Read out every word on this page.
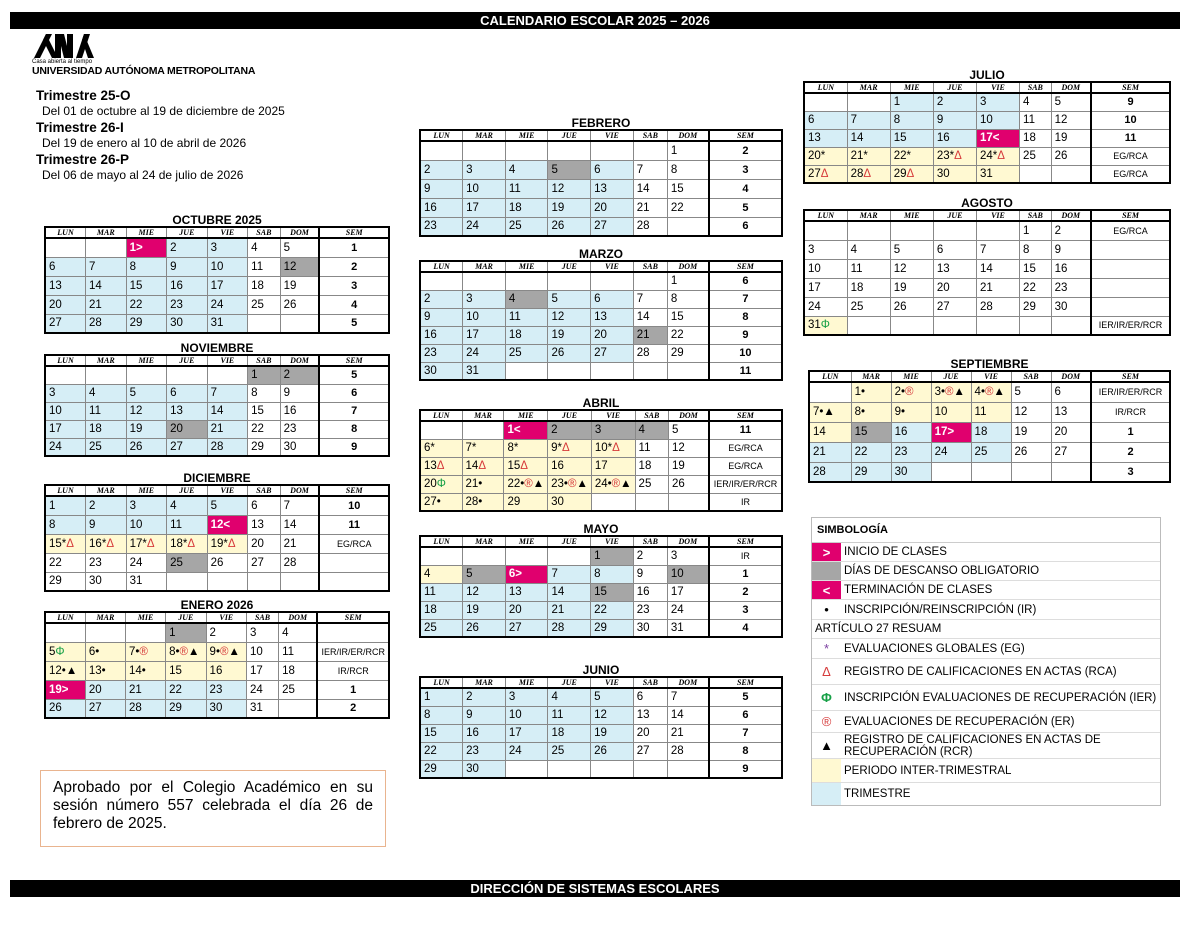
CALENDARIO ESCOLAR 2025 – 2026
Casa abierta al tiempo
UNIVERSIDAD AUTÓNOMA METROPOLITANA
Trimestre 25-O
Del 01 de octubre al 19 de diciembre de 2025
Trimestre 26-I
Del 19 de enero al 10 de abril de 2026
Trimestre 26-P
Del 06 de mayo al 24 de julio de 2026
OCTUBRE 2025
LUN	MAR	MIE	JUE	VIE	SAB	DOM	SEM
		1>	2	3	4	5	1
6	7	8	9	10	11	12	2
13	14	15	16	17	18	19	3
20	21	22	23	24	25	26	4
27	28	29	30	31			5
NOVIEMBRE
LUN	MAR	MIE	JUE	VIE	SAB	DOM	SEM
					1	2	5
3	4	5	6	7	8	9	6
10	11	12	13	14	15	16	7
17	18	19	20	21	22	23	8
24	25	26	27	28	29	30	9
DICIEMBRE
LUN	MAR	MIE	JUE	VIE	SAB	DOM	SEM
1	2	3	4	5	6	7	10
8	9	10	11	12<	13	14	11
15*Δ	16*Δ	17*Δ	18*Δ	19*Δ	20	21	EG/RCA
22	23	24	25	26	27	28	
29	30	31					
ENERO 2026
LUN	MAR	MIE	JUE	VIE	SAB	DOM	SEM
			1	2	3	4	
5Φ	6•	7•®	8•®▲	9•®▲	10	11	IER/IR/ER/RCR
12•▲	13•	14•	15	16	17	18	IR/RCR
19>	20	21	22	23	24	25	1
26	27	28	29	30	31		2
FEBRERO
LUN	MAR	MIE	JUE	VIE	SAB	DOM	SEM
						1	2
2	3	4	5	6	7	8	3
9	10	11	12	13	14	15	4
16	17	18	19	20	21	22	5
23	24	25	26	27	28		6
MARZO
LUN	MAR	MIE	JUE	VIE	SAB	DOM	SEM
						1	6
2	3	4	5	6	7	8	7
9	10	11	12	13	14	15	8
16	17	18	19	20	21	22	9
23	24	25	26	27	28	29	10
30	31						11
ABRIL
LUN	MAR	MIE	JUE	VIE	SAB	DOM	SEM
		1<	2	3	4	5	11
6*	7*	8*	9*Δ	10*Δ	11	12	EG/RCA
13Δ	14Δ	15Δ	16	17	18	19	EG/RCA
20Φ	21•	22•®▲	23•®▲	24•®▲	25	26	IER/IR/ER/RCR
27•	28•	29	30				IR
MAYO
LUN	MAR	MIE	JUE	VIE	SAB	DOM	SEM
				1	2	3	IR
4	5	6>	7	8	9	10	1
11	12	13	14	15	16	17	2
18	19	20	21	22	23	24	3
25	26	27	28	29	30	31	4
JUNIO
LUN	MAR	MIE	JUE	VIE	SAB	DOM	SEM
1	2	3	4	5	6	7	5
8	9	10	11	12	13	14	6
15	16	17	18	19	20	21	7
22	23	24	25	26	27	28	8
29	30						9
JULIO
LUN	MAR	MIE	JUE	VIE	SAB	DOM	SEM
		1	2	3	4	5	9
6	7	8	9	10	11	12	10
13	14	15	16	17<	18	19	11
20*	21*	22*	23*Δ	24*Δ	25	26	EG/RCA
27Δ	28Δ	29Δ	30	31			EG/RCA
AGOSTO
LUN	MAR	MIE	JUE	VIE	SAB	DOM	SEM
					1	2	EG/RCA
3	4	5	6	7	8	9	
10	11	12	13	14	15	16	
17	18	19	20	21	22	23	
24	25	26	27	28	29	30	
31Φ							IER/IR/ER/RCR
SEPTIEMBRE
LUN	MAR	MIE	JUE	VIE	SAB	DOM	SEM
	1•	2•®	3•®▲	4•®▲	5	6	IER/IR/ER/RCR
7•▲	8•	9•	10	11	12	13	IR/RCR
14	15	16	17>	18	19	20	1
21	22	23	24	25	26	27	2
28	29	30					3
SIMBOLOGÍA
>	INICIO DE CLASES
DÍAS DE DESCANSO OBLIGATORIO
<	TERMINACIÓN DE CLASES
•	INSCRIPCIÓN/REINSCRIPCIÓN (IR)
ARTÍCULO 27 RESUAM
*	EVALUACIONES GLOBALES (EG)
Δ	REGISTRO DE CALIFICACIONES EN ACTAS (RCA)
Φ	INSCRIPCIÓN EVALUACIONES DE RECUPERACIÓN (IER)
®	EVALUACIONES DE RECUPERACIÓN (ER)
▲ REGISTRO DE CALIFICACIONES EN ACTAS DE RECUPERACIÓN (RCR)
PERIODO INTER-TRIMESTRAL
TRIMESTRE
Aprobado por el Colegio Académico en su sesión número 557 celebrada el día 26 de febrero de 2025.
DIRECCIÓN DE SISTEMAS ESCOLARES
